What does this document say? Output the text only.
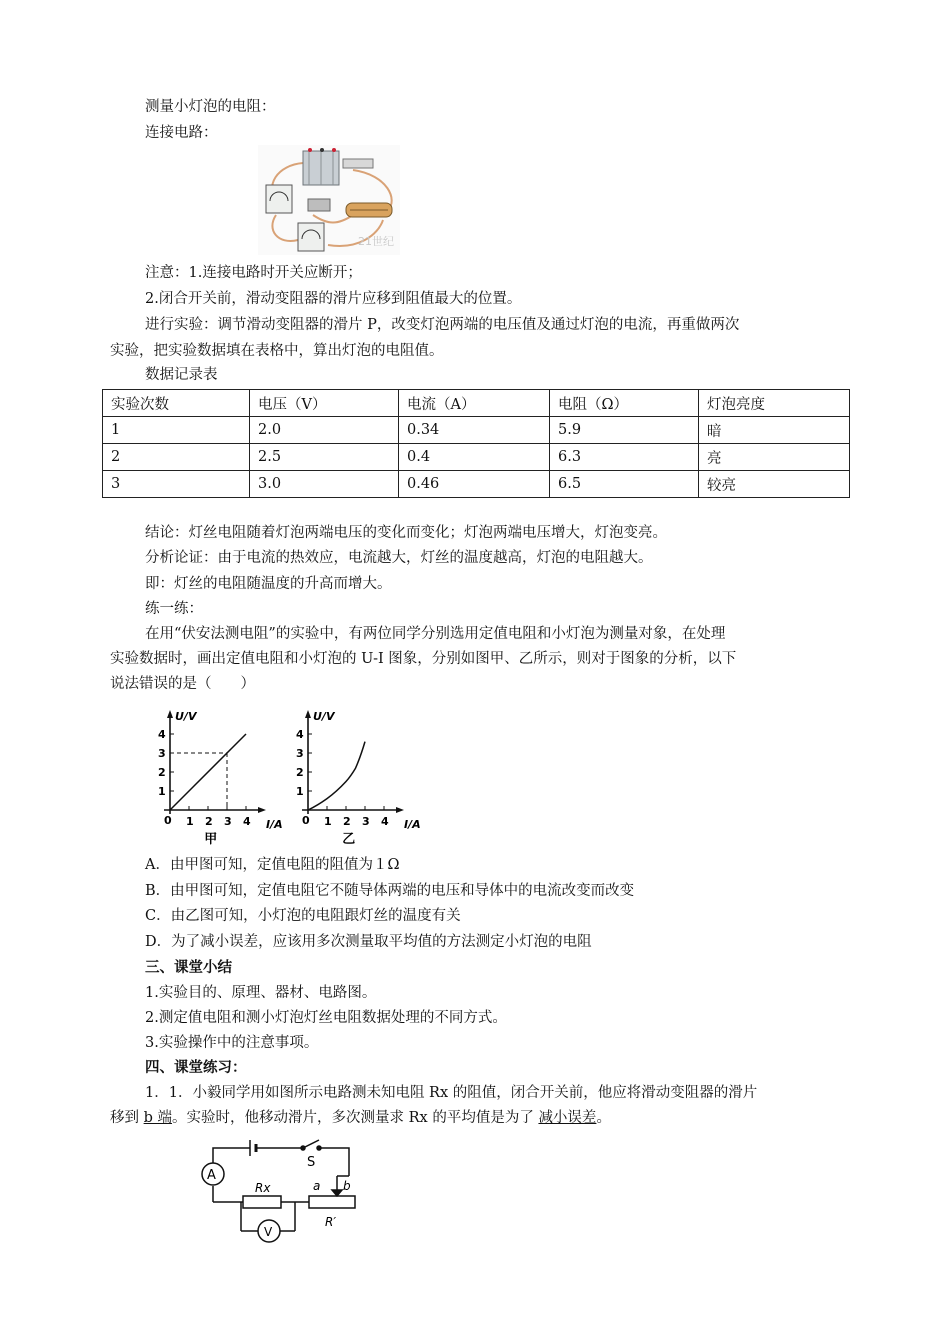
测量小灯泡的电阻：
连接电路：
21世纪
注意：1.连接电路时开关应断开；
2.闭合开关前，滑动变阻器的滑片应移到阻值最大的位置。
进行实验：调节滑动变阻器的滑片 P，改变灯泡两端的电压值及通过灯泡的电流，再重做两次
实验，把实验数据填在表格中，算出灯泡的电阻值。
数据记录表
实验次数	电压（V）	电流（A）	电阻（Ω）	灯泡亮度
1	2.0	0.34	5.9	暗
2	2.5	0.4	6.3	亮
3	3.0	0.46	6.5	较亮
结论：灯丝电阻随着灯泡两端电压的变化而变化；灯泡两端电压增大，灯泡变亮。
分析论证：由于电流的热效应，电流越大，灯丝的温度越高，灯泡的电阻越大。
即：灯丝的电阻随温度的升高而增大。
练一练：
在用“伏安法测电阻”的实验中，有两位同学分别选用定值电阻和小灯泡为测量对象，在处理
实验数据时，画出定值电阻和小灯泡的 U-I 图象，分别如图甲、乙所示，则对于图象的分析，以下
说法错误的是（　　）
U/V
I/A
0
1
2
3
4
1 2 3 4
甲
U/V
I/A
0
1
2
3
4
1 2 3 4
乙
A．由甲图可知，定值电阻的阻值为１Ω
B．由甲图可知，定值电阻它不随导体两端的电压和导体中的电流改变而改变
C．由乙图可知，小灯泡的电阻跟灯丝的温度有关
D．为了减小误差，应该用多次测量取平均值的方法测定小灯泡的电阻
三、课堂小结
1.实验目的、原理、器材、电路图。
2.测定值电阻和测小灯泡灯丝电阻数据处理的不同方式。
3.实验操作中的注意事项。
四、课堂练习：
1．1．小毅同学用如图所示电路测未知电阻 Rx 的阻值，闭合开关前，他应将滑动变阻器的滑片
移到 b 端。实验时，他移动滑片，多次测量求 Rx 的平均值是为了 减小误差。
A
V
S
Rx
R′
a b
